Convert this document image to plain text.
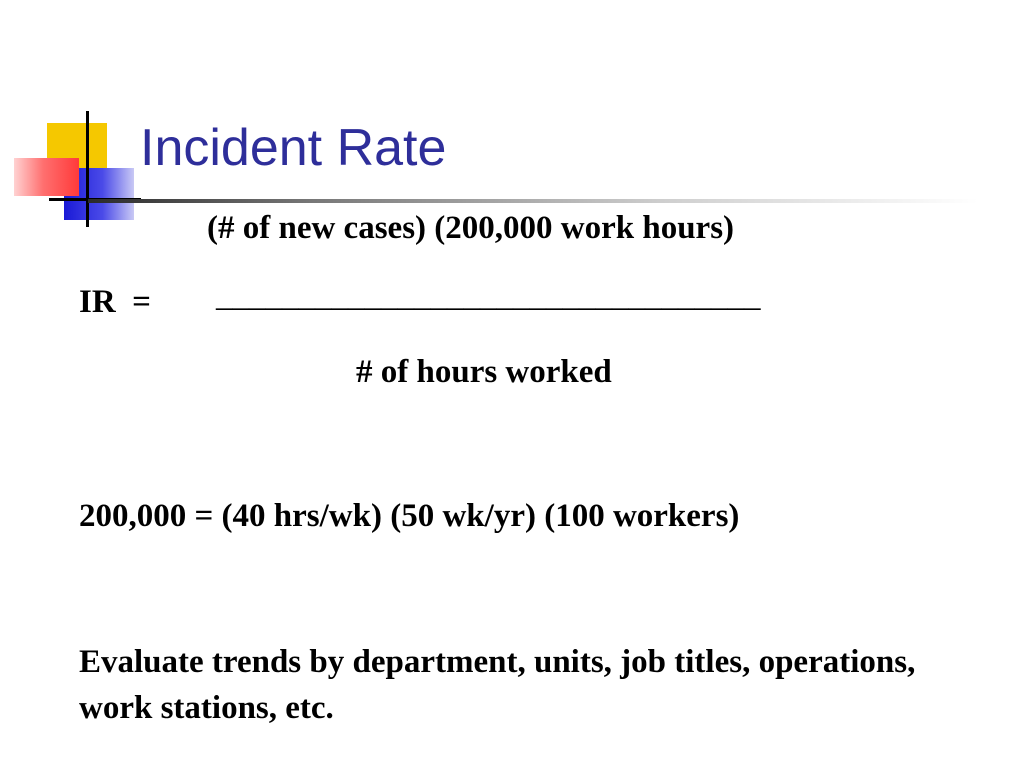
Incident Rate
(# of new cases) (200,000 work hours)
IR  = _________________________________
# of hours worked
200,000 = (40 hrs/wk) (50 wk/yr) (100 workers)
Evaluate trends by department, units, job titles, operations, work stations, etc.
